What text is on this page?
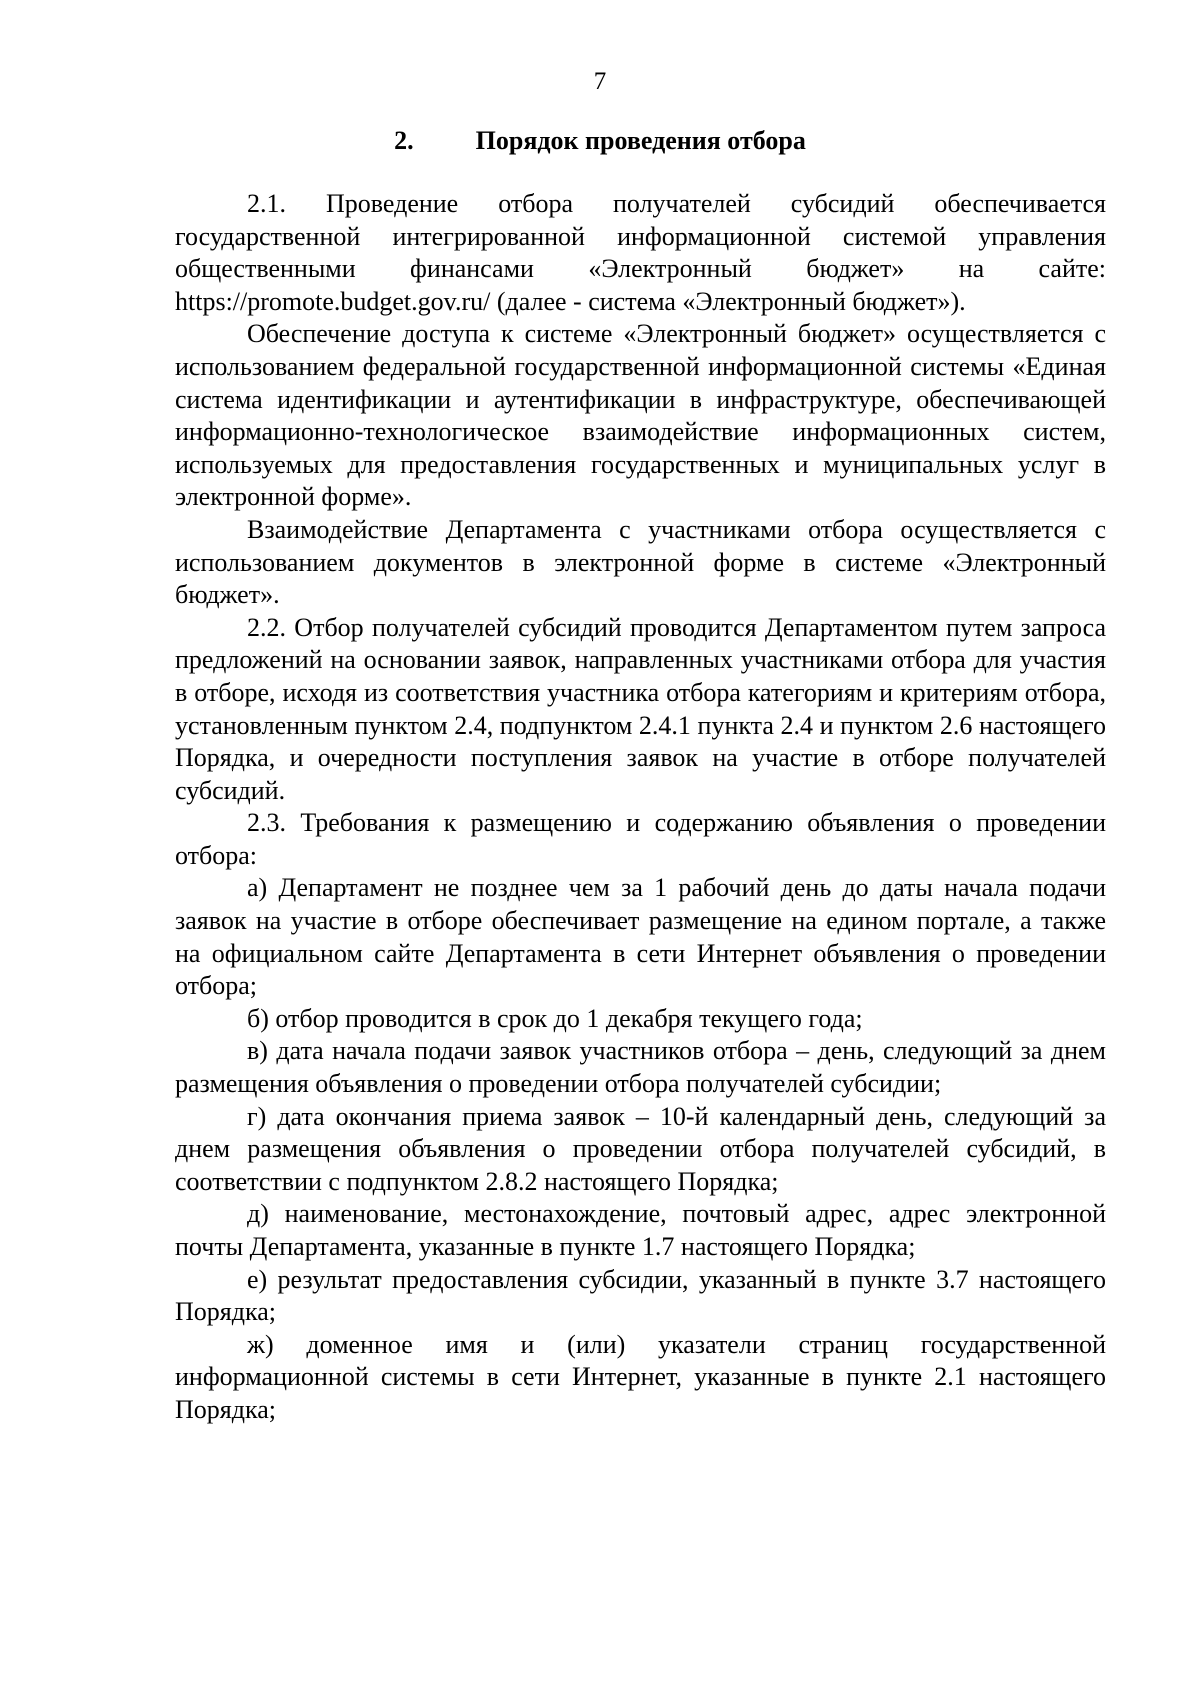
7
2. Порядок проведения отбора

2.1. Проведение отбора получателей субсидий обеспечивается государственной интегрированной информационной системой управления общественными финансами «Электронный бюджет» на сайте: https://promote.budget.gov.ru/ (далее - система «Электронный бюджет»).

Обеспечение доступа к системе «Электронный бюджет» осуществляется с использованием федеральной государственной информационной системы «Единая система идентификации и аутентификации в инфраструктуре, обеспечивающей информационно-технологическое взаимодействие информационных систем, используемых для предоставления государственных и муниципальных услуг в электронной форме».

Взаимодействие Департамента с участниками отбора осуществляется с использованием документов в электронной форме в системе «Электронный бюджет».

2.2. Отбор получателей субсидий проводится Департаментом путем запроса предложений на основании заявок, направленных участниками отбора для участия в отборе, исходя из соответствия участника отбора категориям и критериям отбора, установленным пунктом 2.4, подпунктом 2.4.1 пункта 2.4 и пунктом 2.6 настоящего Порядка, и очередности поступления заявок на участие в отборе получателей субсидий.

2.3. Требования к размещению и содержанию объявления о проведении отбора:

а) Департамент не позднее чем за 1 рабочий день до даты начала подачи заявок на участие в отборе обеспечивает размещение на едином портале, а также на официальном сайте Департамента в сети Интернет объявления о проведении отбора;

б) отбор проводится в срок до 1 декабря текущего года;

в) дата начала подачи заявок участников отбора – день, следующий за днем размещения объявления о проведении отбора получателей субсидии;

г) дата окончания приема заявок – 10-й календарный день, следующий за днем размещения объявления о проведении отбора получателей субсидий, в соответствии с подпунктом 2.8.2 настоящего Порядка;

д) наименование, местонахождение, почтовый адрес, адрес электронной почты Департамента, указанные в пункте 1.7 настоящего Порядка;

е) результат предоставления субсидии, указанный в пункте 3.7 настоящего Порядка;

ж) доменное имя и (или) указатели страниц государственной информационной системы в сети Интернет, указанные в пункте 2.1 настоящего Порядка;
